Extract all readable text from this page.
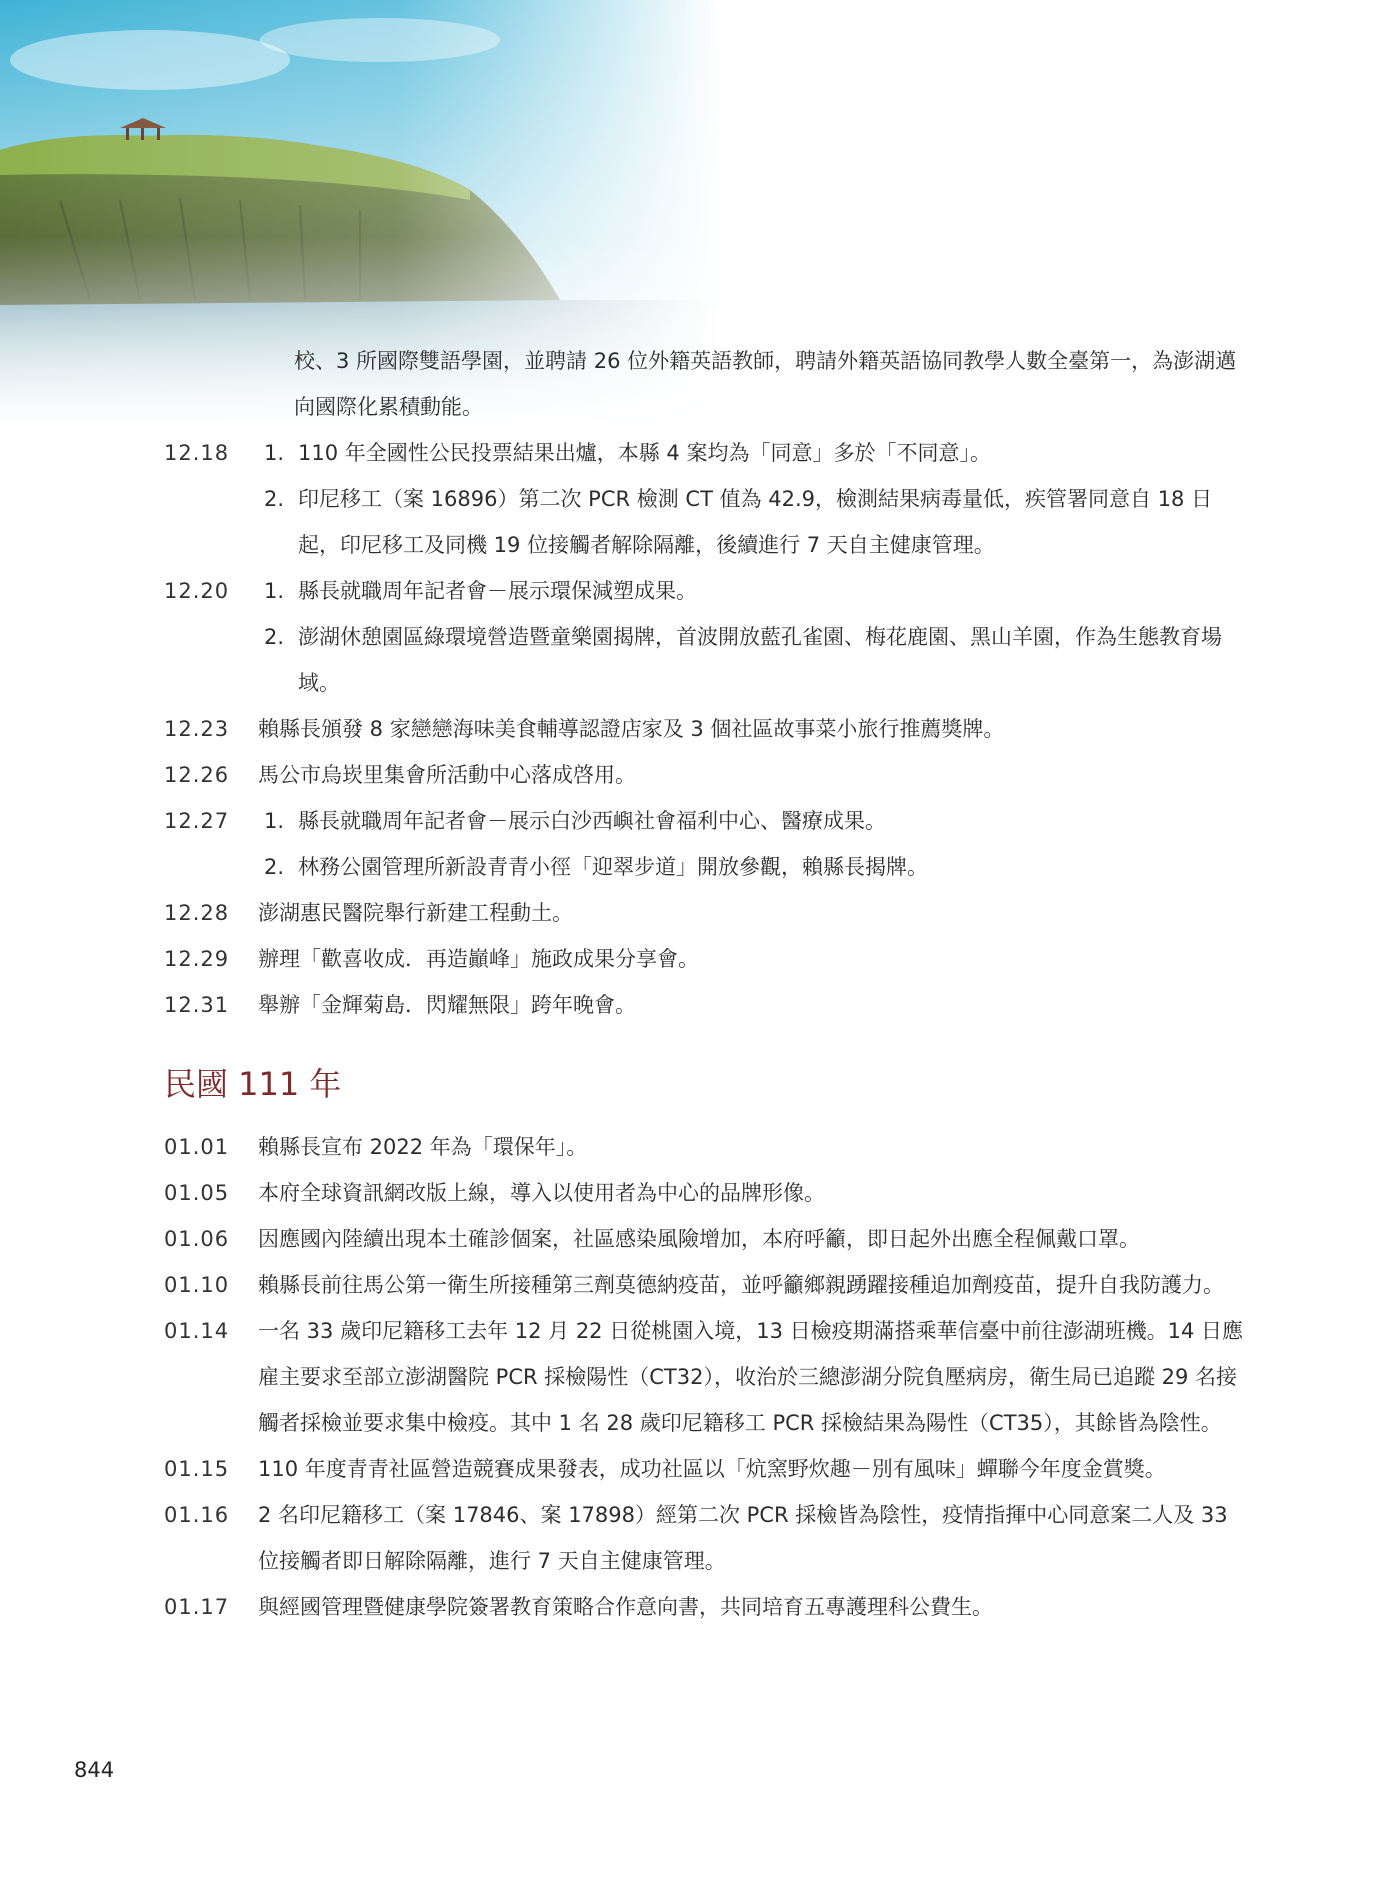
校、3 所國際雙語學園，並聘請 26 位外籍英語教師，聘請外籍英語協同教學人數全臺第一，為澎湖邁向國際化累積動能。
12.18	1. 110 年全國性公民投票結果出爐，本縣 4 案均為「同意」多於「不同意」。
2. 印尼移工（案 16896）第二次 PCR 檢測 CT 值為 42.9，檢測結果病毒量低，疾管署同意自 18 日起，印尼移工及同機 19 位接觸者解除隔離，後續進行 7 天自主健康管理。
12.20	1. 縣長就職周年記者會－展示環保減塑成果。
2. 澎湖休憩園區綠環境營造暨童樂園揭牌，首波開放藍孔雀園、梅花鹿園、黑山羊園，作為生態教育場域。
12.23	賴縣長頒發 8 家戀戀海味美食輔導認證店家及 3 個社區故事菜小旅行推薦獎牌。
12.26	馬公市烏崁里集會所活動中心落成啓用。
12.27	1. 縣長就職周年記者會－展示白沙西嶼社會福利中心、醫療成果。
2. 林務公園管理所新設青青小徑「迎翠步道」開放參觀，賴縣長揭牌。
12.28	澎湖惠民醫院舉行新建工程動土。
12.29	辦理「歡喜收成．再造巓峰」施政成果分享會。
12.31	舉辦「金輝菊島．閃耀無限」跨年晚會。
民國 111 年
01.01	賴縣長宣布 2022 年為「環保年」。
01.05	本府全球資訊網改版上線，導入以使用者為中心的品牌形像。
01.06	因應國內陸續出現本土確診個案，社區感染風險增加，本府呼籲，即日起外出應全程佩戴口罩。
01.10	賴縣長前往馬公第一衛生所接種第三劑莫德納疫苗，並呼籲鄉親踴躍接種追加劑疫苗，提升自我防護力。
01.14	一名 33 歲印尼籍移工去年 12 月 22 日從桃園入境，13 日檢疫期滿搭乘華信臺中前往澎湖班機。14 日應雇主要求至部立澎湖醫院 PCR 採檢陽性（CT32），收治於三總澎湖分院負壓病房，衛生局已追蹤 29 名接觸者採檢並要求集中檢疫。其中 1 名 28 歲印尼籍移工 PCR 採檢結果為陽性（CT35），其餘皆為陰性。
01.15	110 年度青青社區營造競賽成果發表，成功社區以「炕窯野炊趣－別有風味」蟬聯今年度金賞獎。
01.16	2 名印尼籍移工（案 17846、案 17898）經第二次 PCR 採檢皆為陰性，疫情指揮中心同意案二人及 33 位接觸者即日解除隔離，進行 7 天自主健康管理。
01.17	與經國管理暨健康學院簽署教育策略合作意向書，共同培育五專護理科公費生。
844
